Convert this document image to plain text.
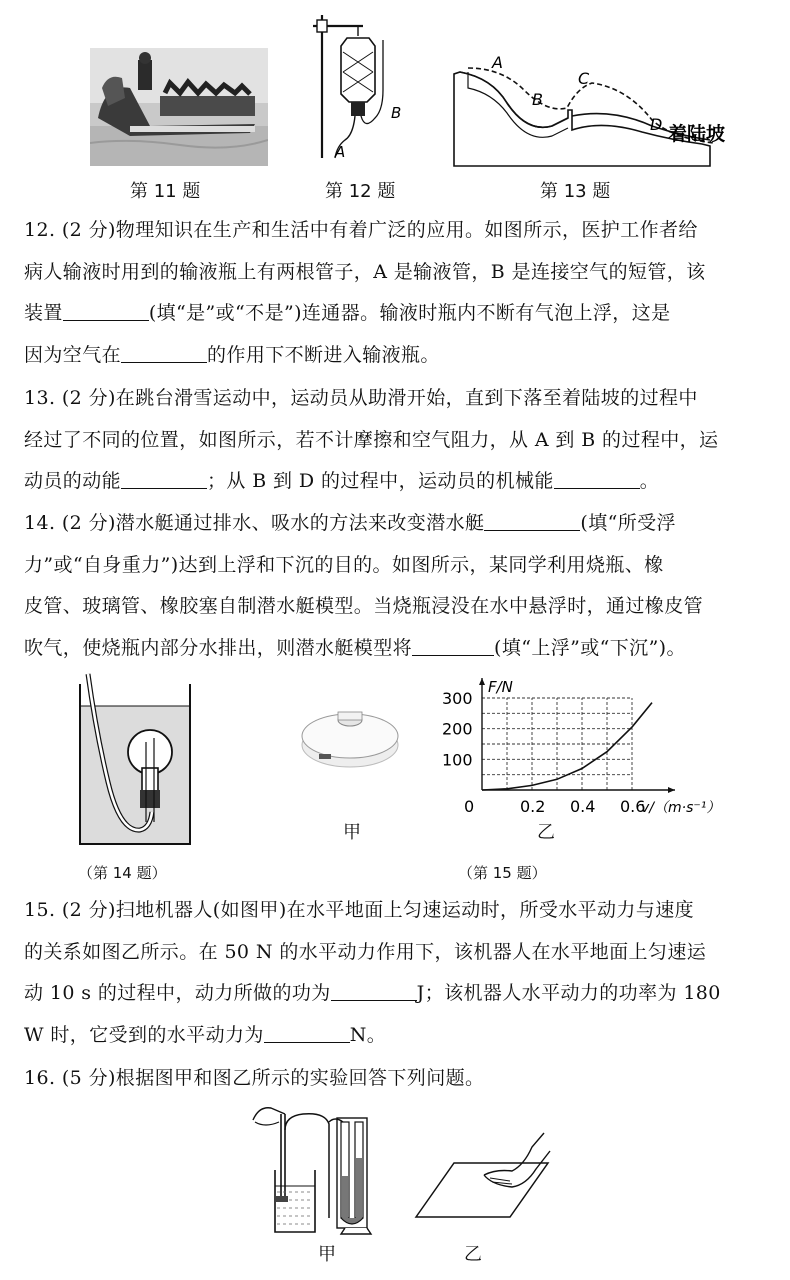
A
B
A
B
C
D 着陆坡
第 11 题	第 12 题	第 13 题
12. (2 分)物理知识在生产和生活中有着广泛的应用。如图所示，医护工作者给
病人输液时用到的输液瓶上有两根管子，A 是输液管，B 是连接空气的短管，该
装置	(填“是”或“不是”)连通器。输液时瓶内不断有气泡上浮，这是
因为空气在	的作用下不断进入输液瓶。
13. (2 分)在跳台滑雪运动中，运动员从助滑开始，直到下落至着陆坡的过程中
经过了不同的位置，如图所示，若不计摩擦和空气阻力，从 A 到 B 的过程中，运
动员的动能	；从 B 到 D 的过程中，运动员的机械能	。
14. (2 分)潜水艇通过排水、吸水的方法来改变潜水艇	(填“所受浮
力”或“自身重力”)达到上浮和下沉的目的。如图所示，某同学利用烧瓶、橡
皮管、玻璃管、橡胶塞自制潜水艇模型。当烧瓶浸没在水中悬浮时，通过橡皮管
吹气，使烧瓶内部分水排出，则潜水艇模型将	(填“上浮”或“下沉”)。
甲
0	0.2 0.4 0.6
100
200
300
F/N
v/（m·s⁻¹）
乙
（第 14 题）	（第 15 题）
15. (2 分)扫地机器人(如图甲)在水平地面上匀速运动时，所受水平动力与速度
的关系如图乙所示。在 50 N 的水平动力作用下，该机器人在水平地面上匀速运
动 10 s 的过程中，动力所做的功为	J；该机器人水平动力的功率为 180
W 时，它受到的水平动力为	N。
16. (5 分)根据图甲和图乙所示的实验回答下列问题。
甲	乙
